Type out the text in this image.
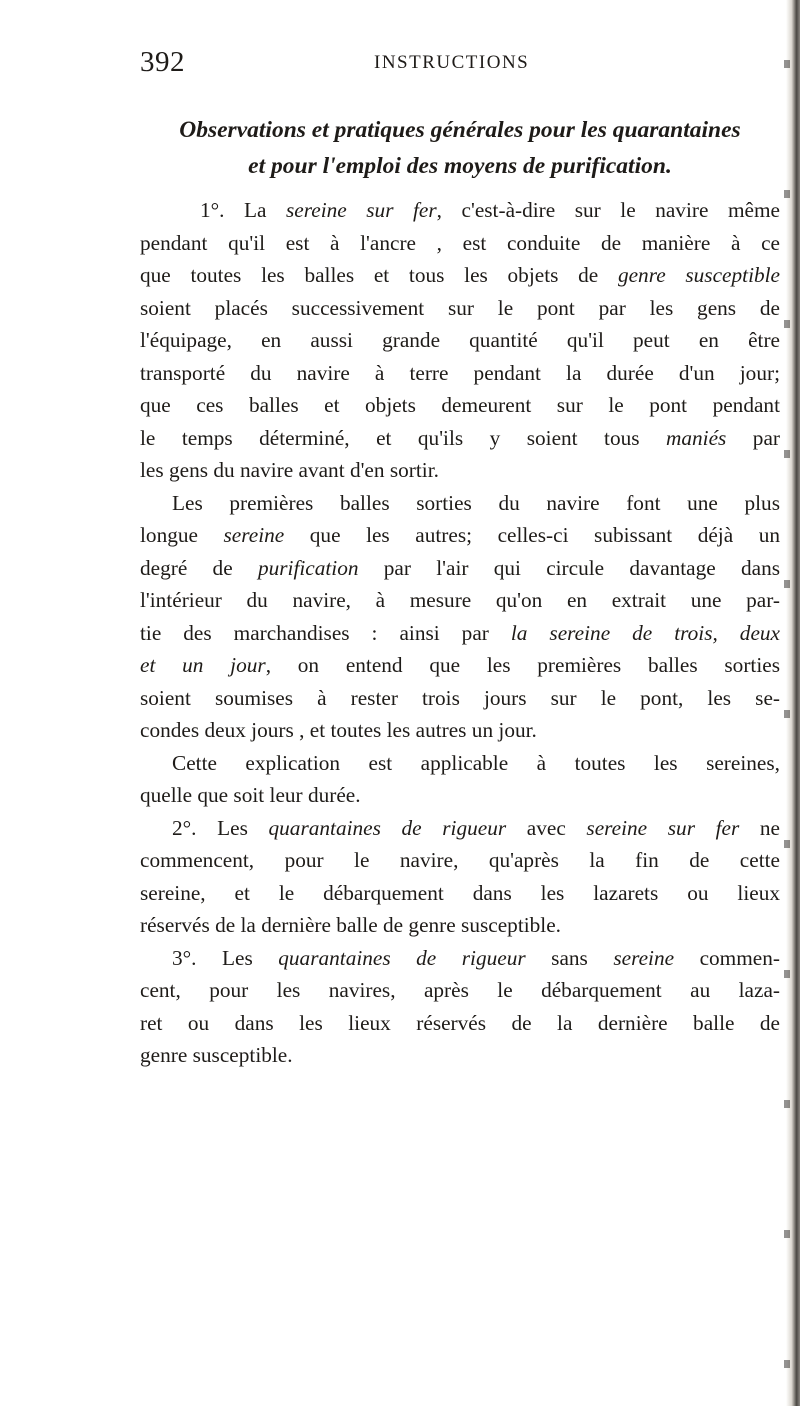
392	INSTRUCTIONS
Observations et pratiques générales pour les quarantaines
et pour l'emploi des moyens de purification.
1°. La sereine sur fer, c'est-à-dire sur le navire même
pendant qu'il est à l'ancre , est conduite de manière à ce
que toutes les balles et tous les objets de genre susceptible
soient placés successivement sur le pont par les gens de
l'équipage, en aussi grande quantité qu'il peut en être
transporté du navire à terre pendant la durée d'un jour;
que ces balles et objets demeurent sur le pont pendant
le temps déterminé, et qu'ils y soient tous maniés par
les gens du navire avant d'en sortir.
Les premières balles sorties du navire font une plus
longue sereine que les autres; celles-ci subissant déjà un
degré de purification par l'air qui circule davantage dans
l'intérieur du navire, à mesure qu'on en extrait une par-
tie des marchandises : ainsi par la sereine de trois, deux
et un jour, on entend que les premières balles sorties
soient soumises à rester trois jours sur le pont, les se-
condes deux jours , et toutes les autres un jour.
Cette explication est applicable à toutes les sereines,
quelle que soit leur durée.
2°. Les quarantaines de rigueur avec sereine sur fer ne
commencent, pour le navire, qu'après la fin de cette
sereine, et le débarquement dans les lazarets ou lieux
réservés de la dernière balle de genre susceptible.
3°. Les quarantaines de rigueur sans sereine commen-
cent, pour les navires, après le débarquement au laza-
ret ou dans les lieux réservés de la dernière balle de
genre susceptible.
